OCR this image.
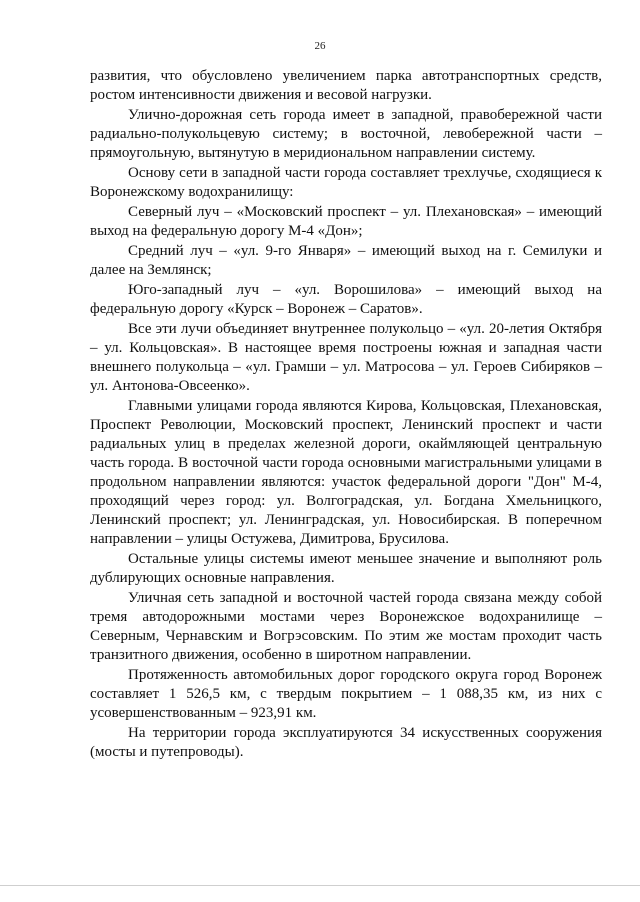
26

развития, что обусловлено увеличением парка автотранспортных средств, ростом интенсивности движения и весовой нагрузки.

Улично-дорожная сеть города имеет в западной, правобережной части радиально-полукольцевую систему; в восточной, левобережной части – прямоугольную, вытянутую в меридиональном направлении систему.

Основу сети в западной части города составляет трехлучье, сходящиеся к Воронежскому водохранилищу:

Северный луч – «Московский проспект – ул. Плехановская» – имеющий выход на федеральную дорогу М-4 «Дон»;

Средний луч – «ул. 9-го Января» – имеющий выход на г. Семилуки и далее на Землянск;

Юго-западный луч – «ул. Ворошилова» – имеющий выход на федеральную дорогу «Курск – Воронеж – Саратов».

Все эти лучи объединяет внутреннее полукольцо – «ул. 20-летия Октября – ул. Кольцовская». В настоящее время построены южная и западная части внешнего полукольца – «ул. Грамши – ул. Матросова – ул. Героев Сибиряков – ул. Антонова-Овсеенко».

Главными улицами города являются Кирова, Кольцовская, Плехановская, Проспект Революции, Московский проспект, Ленинский проспект и части радиальных улиц в пределах железной дороги, окаймляющей центральную часть города. В восточной части города основными магистральными улицами в продольном направлении являются: участок федеральной дороги "Дон" М-4, проходящий через город: ул. Волгоградская, ул. Богдана Хмельницкого, Ленинский проспект; ул. Ленинградская, ул. Новосибирская. В поперечном направлении – улицы Остужева, Димитрова, Брусилова.

Остальные улицы системы имеют меньшее значение и выполняют роль дублирующих основные направления.

Уличная сеть западной и восточной частей города связана между собой тремя автодорожными мостами через Воронежское водохранилище – Северным, Чернавским и Вогрэсовским. По этим же мостам проходит часть транзитного движения, особенно в широтном направлении.

Протяженность автомобильных дорог городского округа город Воронеж составляет 1 526,5 км, с твердым покрытием – 1 088,35 км, из них с усовершенствованным – 923,91 км.

На территории города эксплуатируются 34 искусственных сооружения (мосты и путепроводы).
